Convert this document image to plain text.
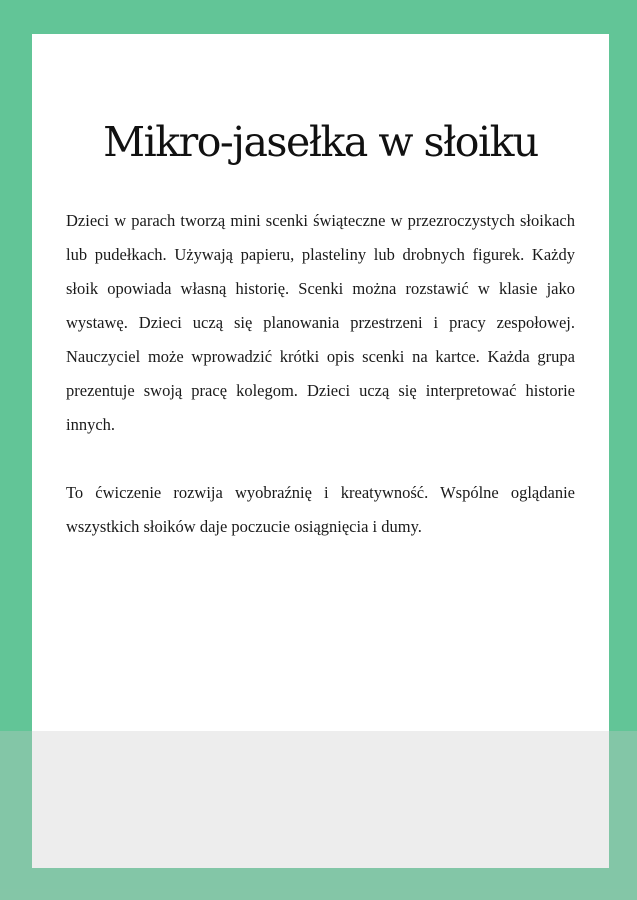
Mikro-jasełka w słoiku

Dzieci w parach tworzą mini scenki świąteczne w przezroczystych słoikach lub pudełkach. Używają papieru, plasteliny lub drobnych figurek. Każdy słoik opowiada własną historię. Scenki można rozstawić w klasie jako wystawę. Dzieci uczą się planowania przestrzeni i pracy zespołowej. Nauczyciel może wprowadzić krótki opis scenki na kartce. Każda grupa prezentuje swoją pracę kolegom. Dzieci uczą się interpretować historie innych.

To ćwiczenie rozwija wyobraźnię i kreatywność. Wspólne oglądanie wszystkich słoików daje poczucie osiągnięcia i dumy.
